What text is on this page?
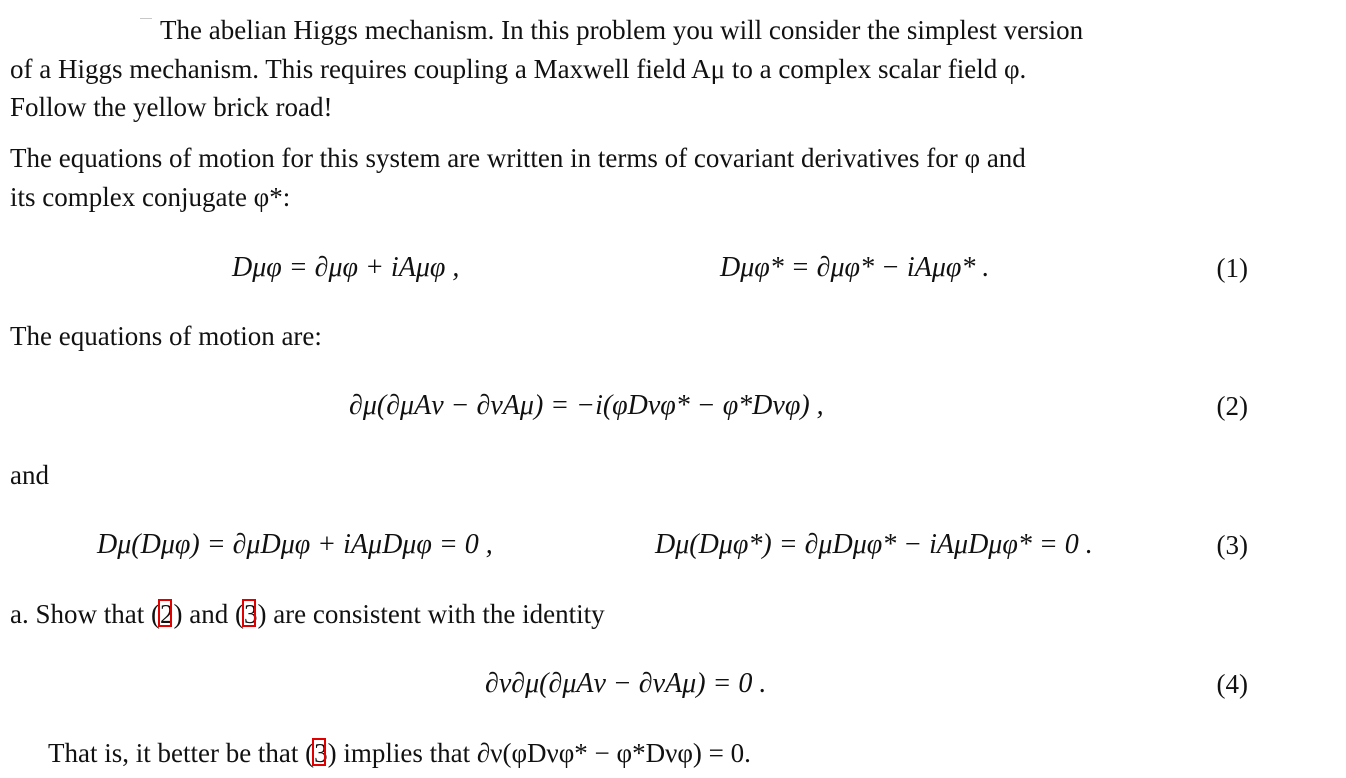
The abelian Higgs mechanism. In this problem you will consider the simplest version
of a Higgs mechanism. This requires coupling a Maxwell field Aμ to a complex scalar field φ.
Follow the yellow brick road!
The equations of motion for this system are written in terms of covariant derivatives for φ and
its complex conjugate φ*:
Dμφ = ∂μφ + iAμφ ,	Dμφ* = ∂μφ* − iAμφ* .	(1)
The equations of motion are:
∂μ(∂μAν − ∂νAμ) = −i(φDνφ* − φ*Dνφ) ,	(2)
and
Dμ(Dμφ) = ∂μDμφ + iAμDμφ = 0 ,	Dμ(Dμφ*) = ∂μDμφ* − iAμDμφ* = 0 .	(3)
a. Show that (
2) and (
3) are consistent with the identity
∂ν∂μ(∂μAν − ∂νAμ) = 0 .	(4)
That is, it better be that (
3) implies that ∂ν(φDνφ* − φ*Dνφ) = 0.
